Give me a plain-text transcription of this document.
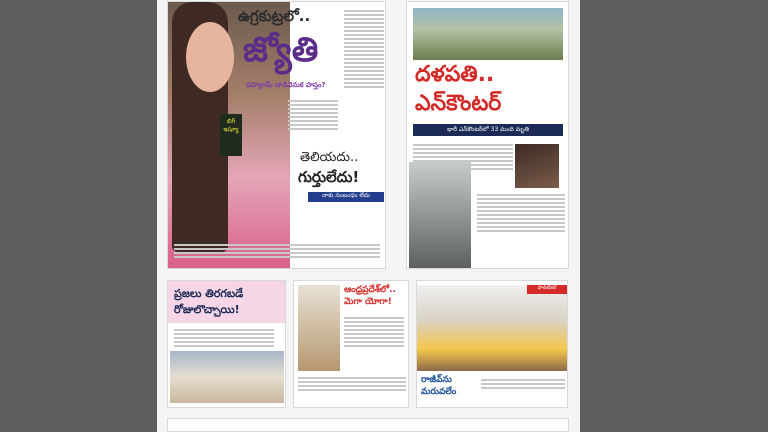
బిగ్ ఇష్యూ
ఉగ్రకుట్రలో..
జ్యోతి
పహల్గామ్ దాడివెనుక హస్తం?
తెలియదు..
గుర్తులేదు!
నాకు సంబంధం లేదు
దళపతి..
ఎన్‌కౌంటర్
భారీ ఎన్‌కౌంటర్‌లో 33 మంది మృతి
ప్రజలు తిరగబడే
రోజులొచ్చాయి!
ఆంధ్రప్రదేశ్‌లో..
మెగా యోగా!
పొలిటికల్
రాజీవ్‌ను
మరువలేం
